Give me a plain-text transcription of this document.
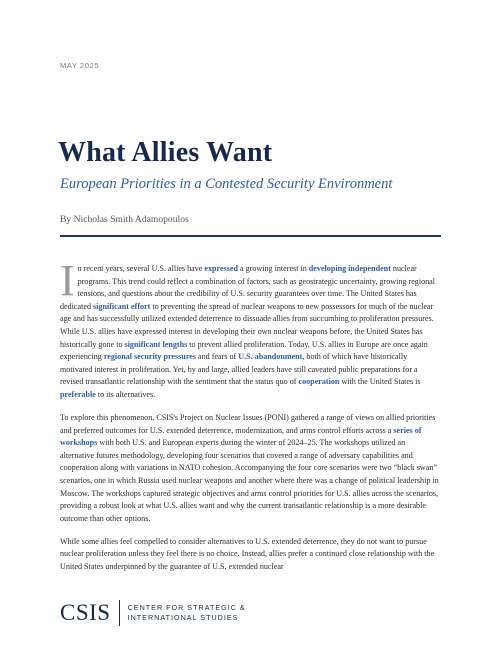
MAY 2025
What Allies Want
European Priorities in a Contested Security Environment
By Nicholas Smith Adamopoulos

In recent years, several U.S. allies have expressed a growing interest in developing independent nuclear programs. This trend could reflect a combination of factors, such as geostrategic uncertainty, growing regional tensions, and questions about the credibility of U.S. security guarantees over time. The United States has dedicated significant effort to preventing the spread of nuclear weapons to new possessors for much of the nuclear age and has successfully utilized extended deterrence to dissuade allies from succumbing to proliferation pressures. While U.S. allies have expressed interest in developing their own nuclear weapons before, the United States has historically gone to significant lengths to prevent allied proliferation. Today, U.S. allies in Europe are once again experiencing regional security pressures and fears of U.S. abandonment, both of which have historically motivated interest in proliferation. Yet, by and large, allied leaders have still caveated public preparations for a revised transatlantic relationship with the sentiment that the status quo of cooperation with the United States is preferable to its alternatives.

To explore this phenomenon, CSIS's Project on Nuclear Issues (PONI) gathered a range of views on allied priorities and preferred outcomes for U.S. extended deterrence, modernization, and arms control efforts across a series of workshops with both U.S. and European experts during the winter of 2024–25. The workshops utilized an alternative futures methodology, developing four scenarios that covered a range of adversary capabilities and cooperation along with variations in NATO cohesion. Accompanying the four core scenarios were two “black swan” scenarios, one in which Russia used nuclear weapons and another where there was a change of political leadership in Moscow. The workshops captured strategic objectives and arms control priorities for U.S. allies across the scenarios, providing a robust look at what U.S. allies want and why the current transatlantic relationship is a more desirable outcome than other options.

While some allies feel compelled to consider alternatives to U.S. extended deterrence, they do not want to pursue nuclear proliferation unless they feel there is no choice. Instead, allies prefer a continued close relationship with the United States underpinned by the guarantee of U.S. extended nuclear

CSIS CENTER FOR STRATEGIC &
INTERNATIONAL STUDIES
